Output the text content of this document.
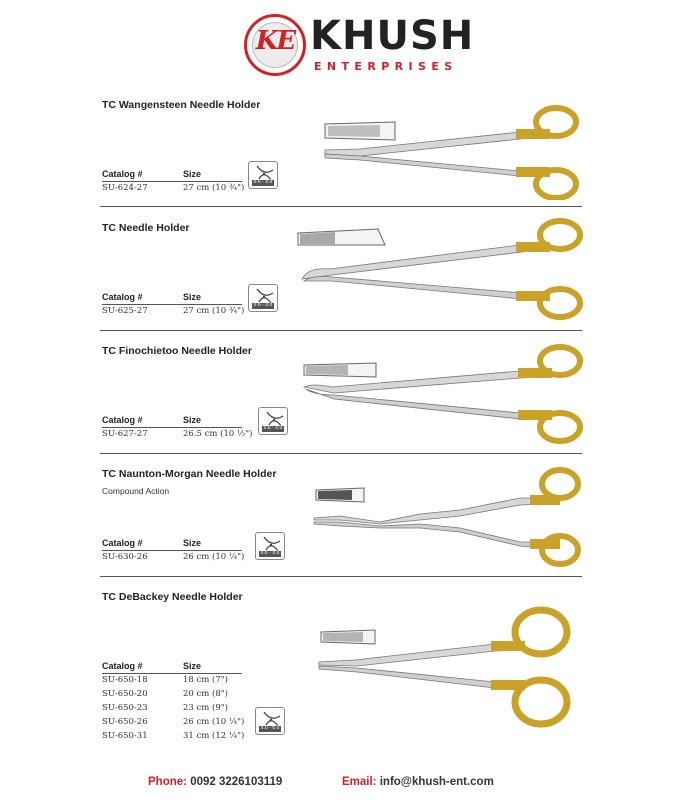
KE KHUSH
ENTERPRISES
TC Wangensteen Needle Holder
Catalog #	Size
SU-624-27	27 cm (10 ¾")
0.6 - 4.0
TC Needle Holder
Catalog #	Size
SU-625-27	27 cm (10 ¾")
0.6 - 4.0
TC Finochietoo Needle Holder
Catalog #	Size
SU-627-27	26.5 cm (10 ½")
0.6 - 4.0
TC Naunton-Morgan Needle Holder
Compound Action
Catalog #	Size
SU-630-26	26 cm (10 ¼")	0.6 - 4.0
TC DeBackey Needle Holder
Catalog #	Size
SU-650-18	18 cm (7")
SU-650-20	20 cm (8")
SU-650-23	23 cm (9")
SU-650-26	26 cm (10 ¼")
SU-650-31	31 cm (12 ¼")
4.0 - 6.0
Phone: 0092 3226103119	Email: info@khush-ent.com
